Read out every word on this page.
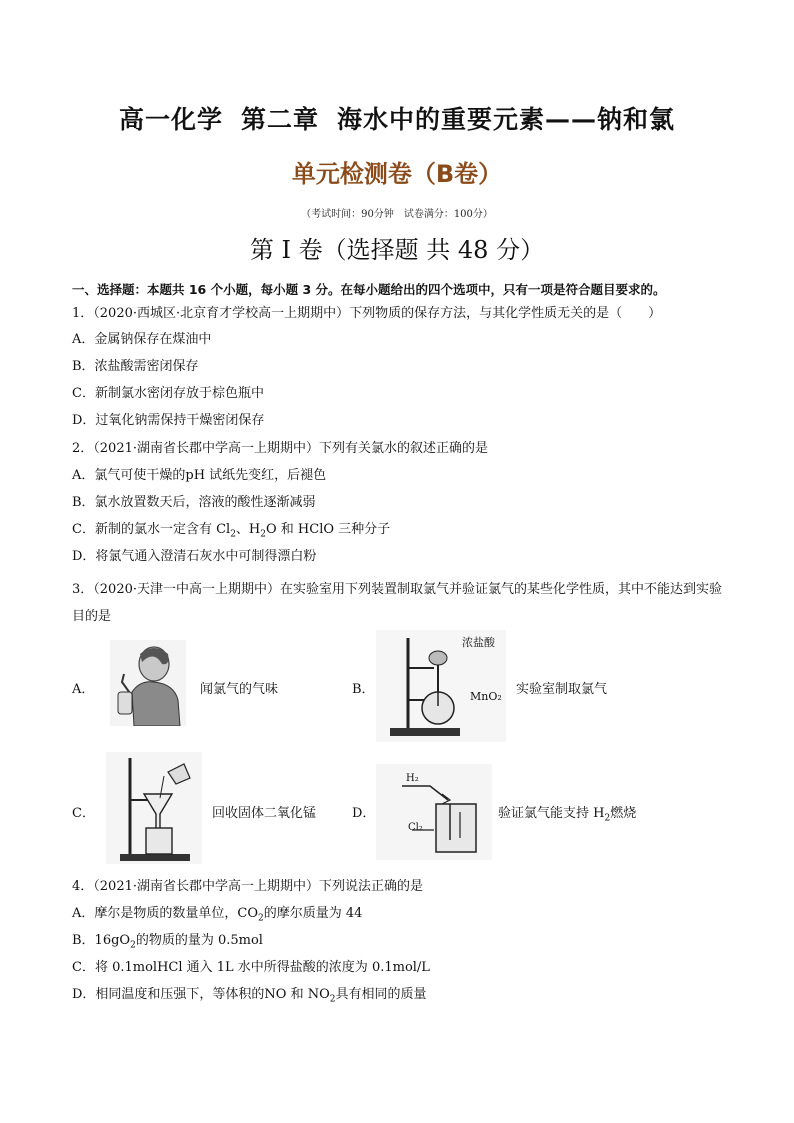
高一化学 第二章 海水中的重要元素——钠和氯
单元检测卷（B卷）
（考试时间：90分钟　试卷满分：100分）
第 I 卷（选择题 共 48 分）
一、选择题：本题共 16 个小题，每小题 3 分。在每小题给出的四个选项中，只有一项是符合题目要求的。
1．（2020·西城区·北京育才学校高一上期期中）下列物质的保存方法，与其化学性质无关的是（　　）
A．金属钠保存在煤油中
B．浓盐酸需密闭保存
C．新制氯水密闭存放于棕色瓶中
D．过氧化钠需保持干燥密闭保存
2．（2021·湖南省长郡中学高一上期期中）下列有关氯水的叙述正确的是
A．氯气可使干燥的pH 试纸先变红，后褪色
B．氯水放置数天后，溶液的酸性逐渐减弱
C．新制的氯水一定含有 $Cl_2$、$H_2O$ 和 HClO 三种分子
D．将氯气通入澄清石灰水中可制得漂白粉
3．（2020·天津一中高一上期期中）在实验室用下列装置制取氯气并验证氯气的某些化学性质，其中不能达到实验目的是
A．	闻氯气的气味	B．
浓盐酸
MnO₂ 实验室制取氯气
C．	回收固体二氧化锰	D．
H₂
Cl₂
验证氯气能支持 $H_2$燃烧
4．（2021·湖南省长郡中学高一上期期中）下列说法正确的是
A．摩尔是物质的数量单位，$CO_2$的摩尔质量为 44
B．$16gO_2$的物质的量为 0.5mol
C．将 0.1molHCl 通入 1L 水中所得盐酸的浓度为 0.1mol/L
D．相同温度和压强下，等体积的NO 和 $NO_2$具有相同的质量
